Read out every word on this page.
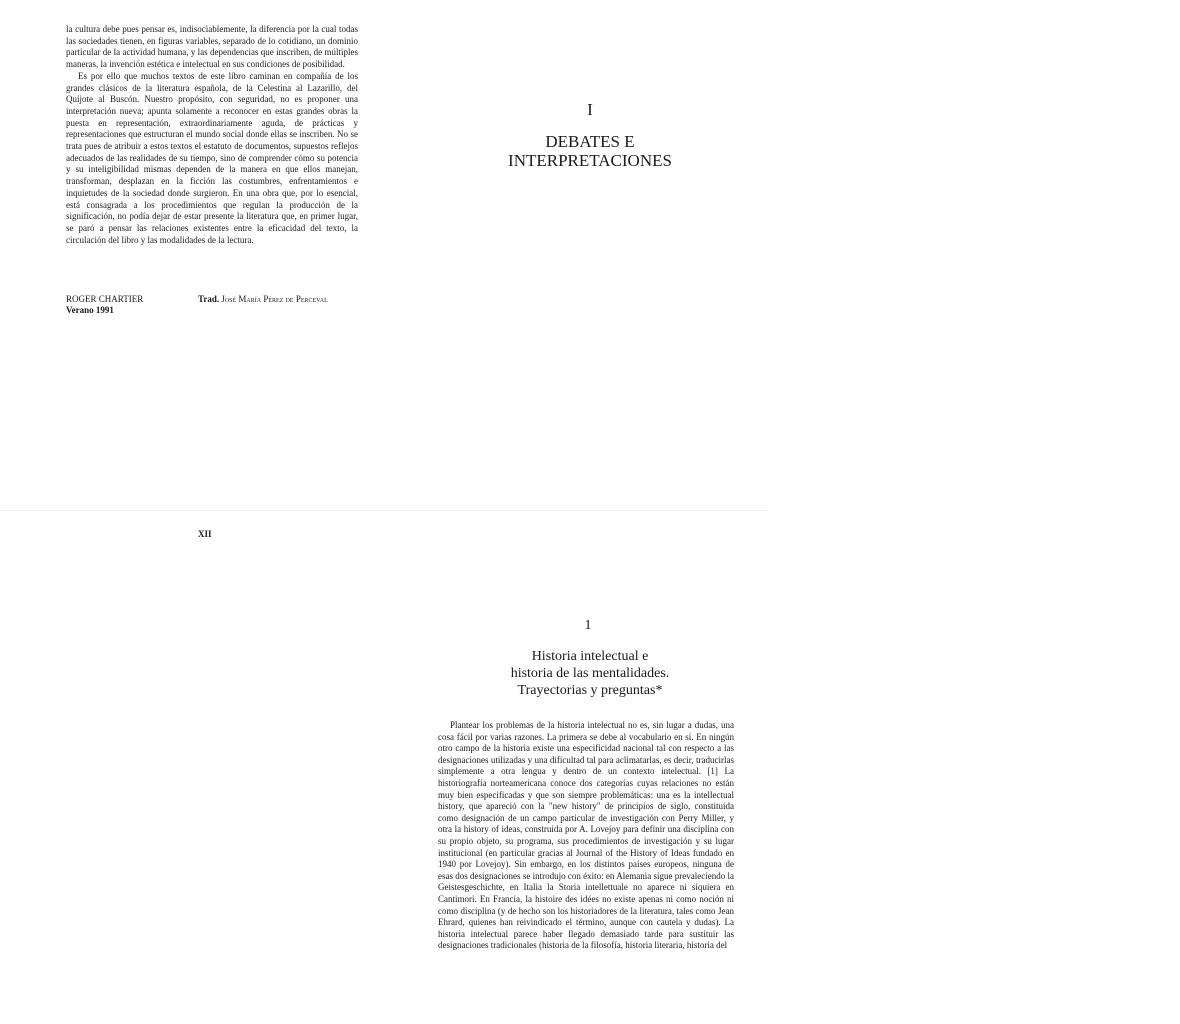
la cultura debe pues pensar es, indisociablemente, la diferencia por la cual todas las sociedades tienen, en figuras variables, separado de lo cotidiano, un dominio particular de la actividad humana, y las dependencias que inscriben, de múltiples maneras, la invención estética e intelectual en sus condiciones de posibilidad.

Es por ello que muchos textos de este libro caminan en compañía de los grandes clásicos de la literatura española, de la Celestina al Lazarillo, del Quijote al Buscón. Nuestro propósito, con seguridad, no es proponer una interpretación nueva; apunta solamente a reconocer en estas grandes obras la puesta en representación, extraordinariamente aguda, de prácticas y representaciones que estructuran el mundo social donde ellas se inscriben. No se trata pues de atribuir a estos textos el estatuto de documentos, supuestos reflejos adecuados de las realidades de su tiempo, sino de comprender cómo su potencia y su inteligibilidad mismas dependen de la manera en que ellos manejan, transforman, desplazan en la ficción las costumbres, enfrentamientos e inquietudes de la sociedad donde surgieron. En una obra que, por lo esencial, está consagrada a los procedimientos que regulan la producción de la significación, no podía dejar de estar presente la literatura que, en primer lugar, se paró a pensar las relaciones existentes entre la eficacidad del texto, la circulación del libro y las modalidades de la lectura.

ROGER CHARTIER
Verano 1991
Trad. José María Pérez de Perceval
XII
I
DEBATES E
INTERPRETACIONES
1
Historia intelectual e
historia de las mentalidades.
Trayectorias y preguntas*

Plantear los problemas de la historia intelectual no es, sin lugar a dudas, una cosa fácil por varias razones. La primera se debe al vocabulario en sí. En ningún otro campo de la historia existe una especificidad nacional tal con respecto a las designaciones utilizadas y una dificultad tal para aclimatarlas, es decir, traducirlas simplemente a otra lengua y dentro de un contexto intelectual. [1] La historiografía norteamericana conoce dos categorías cuyas relaciones no están muy bien especificadas y que son siempre problemáticas: una es la intellectual history, que apareció con la "new history" de principios de siglo, constituida como designación de un campo particular de investigación con Perry Miller, y otra la history of ideas, construida por A. Lovejoy para definir una disciplina con su propio objeto, su programa, sus procedimientos de investigación y su lugar institucional (en particular gracias al Journal of the History of Ideas fundado en 1940 por Lovejoy). Sin embargo, en los distintos países europeos, ninguna de esas dos designaciones se introdujo con éxito: en Alemania sigue prevaleciendo la Geistesgeschichte, en Italia la Storia intellettuale no aparece ni siquiera en Cantimori. En Francia, la histoire des idées no existe apenas ni como noción ni como disciplina (y de hecho son los historiadores de la literatura, tales como Jean Ehrard, quienes han reivindicado el término, aunque con cautela y dudas). La historia intelectual parece haber llegado demasiado tarde para sustituir las designaciones tradicionales (historia de la filosofía, historia literaria, historia del
